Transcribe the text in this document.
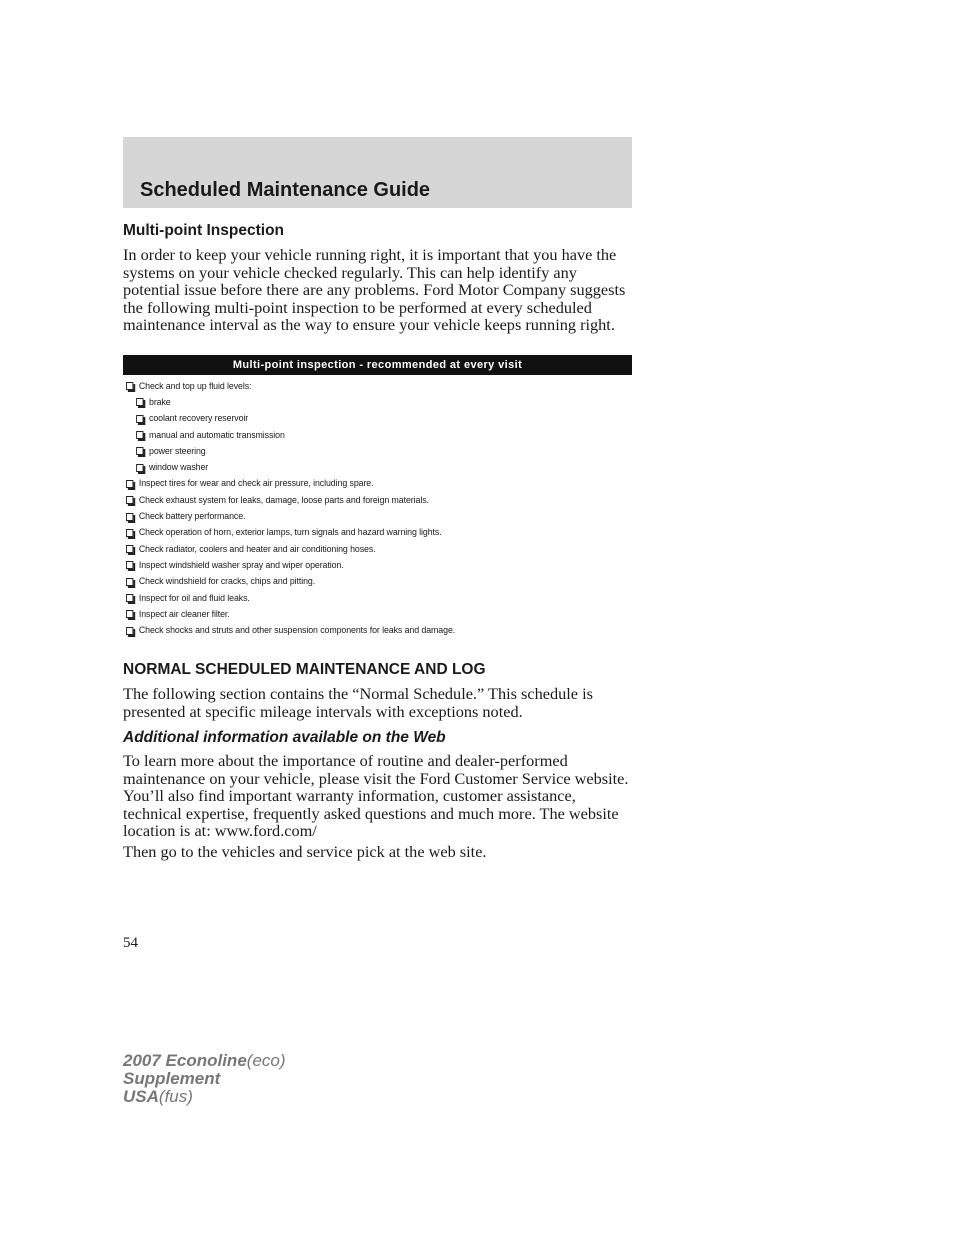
Scheduled Maintenance Guide
Multi-point Inspection

In order to keep your vehicle running right, it is important that you have the systems on your vehicle checked regularly. This can help identify any potential issue before there are any problems. Ford Motor Company suggests the following multi-point inspection to be performed at every scheduled maintenance interval as the way to ensure your vehicle keeps running right.

Multi-point inspection - recommended at every visit
Check and top up fluid levels:
brake
coolant recovery reservoir
manual and automatic transmission
power steering
window washer
Inspect tires for wear and check air pressure, including spare.
Check exhaust system for leaks, damage, loose parts and foreign materials.
Check battery performance.
Check operation of horn, exterior lamps, turn signals and hazard warning lights.
Check radiator, coolers and heater and air conditioning hoses.
Inspect windshield washer spray and wiper operation.
Check windshield for cracks, chips and pitting.
Inspect for oil and fluid leaks.
Inspect air cleaner filter.
Check shocks and struts and other suspension components for leaks and damage.
NORMAL SCHEDULED MAINTENANCE AND LOG

The following section contains the “Normal Schedule.” This schedule is presented at specific mileage intervals with exceptions noted.

Additional information available on the Web

To learn more about the importance of routine and dealer-performed maintenance on your vehicle, please visit the Ford Customer Service website. You’ll also find important warranty information, customer assistance, technical expertise, frequently asked questions and much more. The website location is at: www.ford.com/

Then go to the vehicles and service pick at the web site.

54
2007 Econoline(eco)
Supplement
USA(fus)
